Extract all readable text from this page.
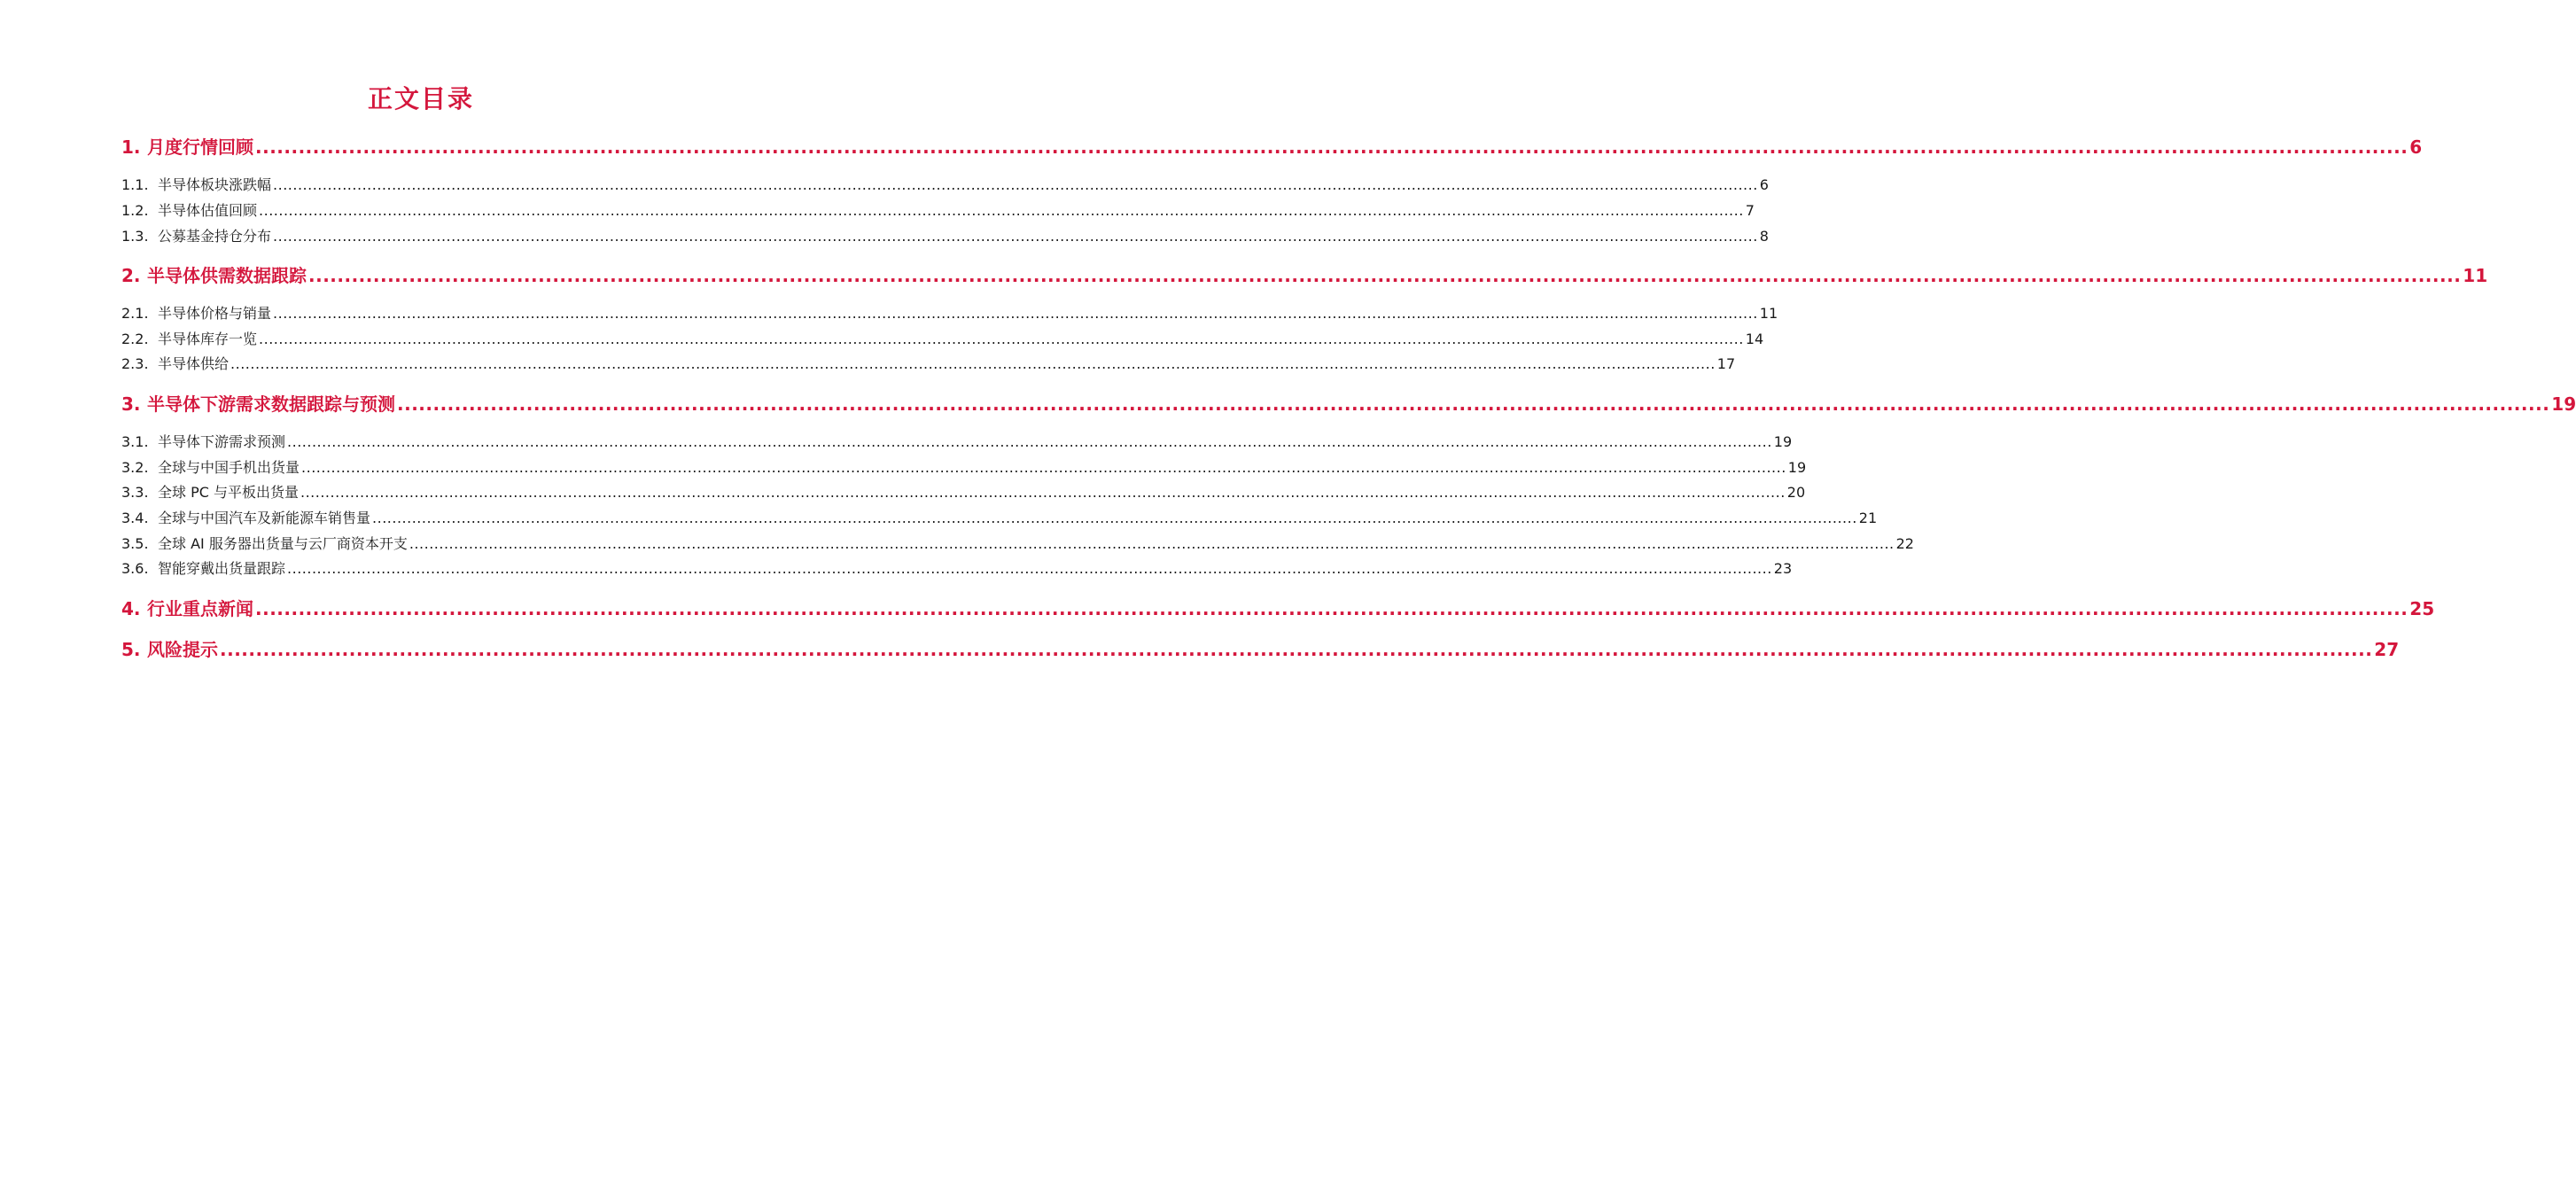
正文目录
1. 月度行情回顾 ............................................................................................................................................................................................................................................................................................................ 6
1.1. 半导体板块涨跌幅 ............................................................................................................................................................................................................................................................................................................ 6
1.2. 半导体估值回顾 ............................................................................................................................................................................................................................................................................................................ 7
1.3. 公募基金持仓分布 ............................................................................................................................................................................................................................................................................................................ 8
2. 半导体供需数据跟踪 ............................................................................................................................................................................................................................................................................................................ 11
2.1. 半导体价格与销量 ............................................................................................................................................................................................................................................................................................................ 11
2.2. 半导体库存一览 ............................................................................................................................................................................................................................................................................................................ 14
2.3. 半导体供给 ............................................................................................................................................................................................................................................................................................................ 17
3. 半导体下游需求数据跟踪与预测 ............................................................................................................................................................................................................................................................................................................ 19
3.1. 半导体下游需求预测 ............................................................................................................................................................................................................................................................................................................ 19
3.2. 全球与中国手机出货量 ............................................................................................................................................................................................................................................................................................................ 19
3.3. 全球 PC 与平板出货量 ............................................................................................................................................................................................................................................................................................................ 20
3.4. 全球与中国汽车及新能源车销售量 ............................................................................................................................................................................................................................................................................................................ 21
3.5. 全球 AI 服务器出货量与云厂商资本开支 ............................................................................................................................................................................................................................................................................................................ 22
3.6. 智能穿戴出货量跟踪 ............................................................................................................................................................................................................................................................................................................ 23
4. 行业重点新闻 ............................................................................................................................................................................................................................................................................................................ 25
5. 风险提示 ............................................................................................................................................................................................................................................................................................................ 27
